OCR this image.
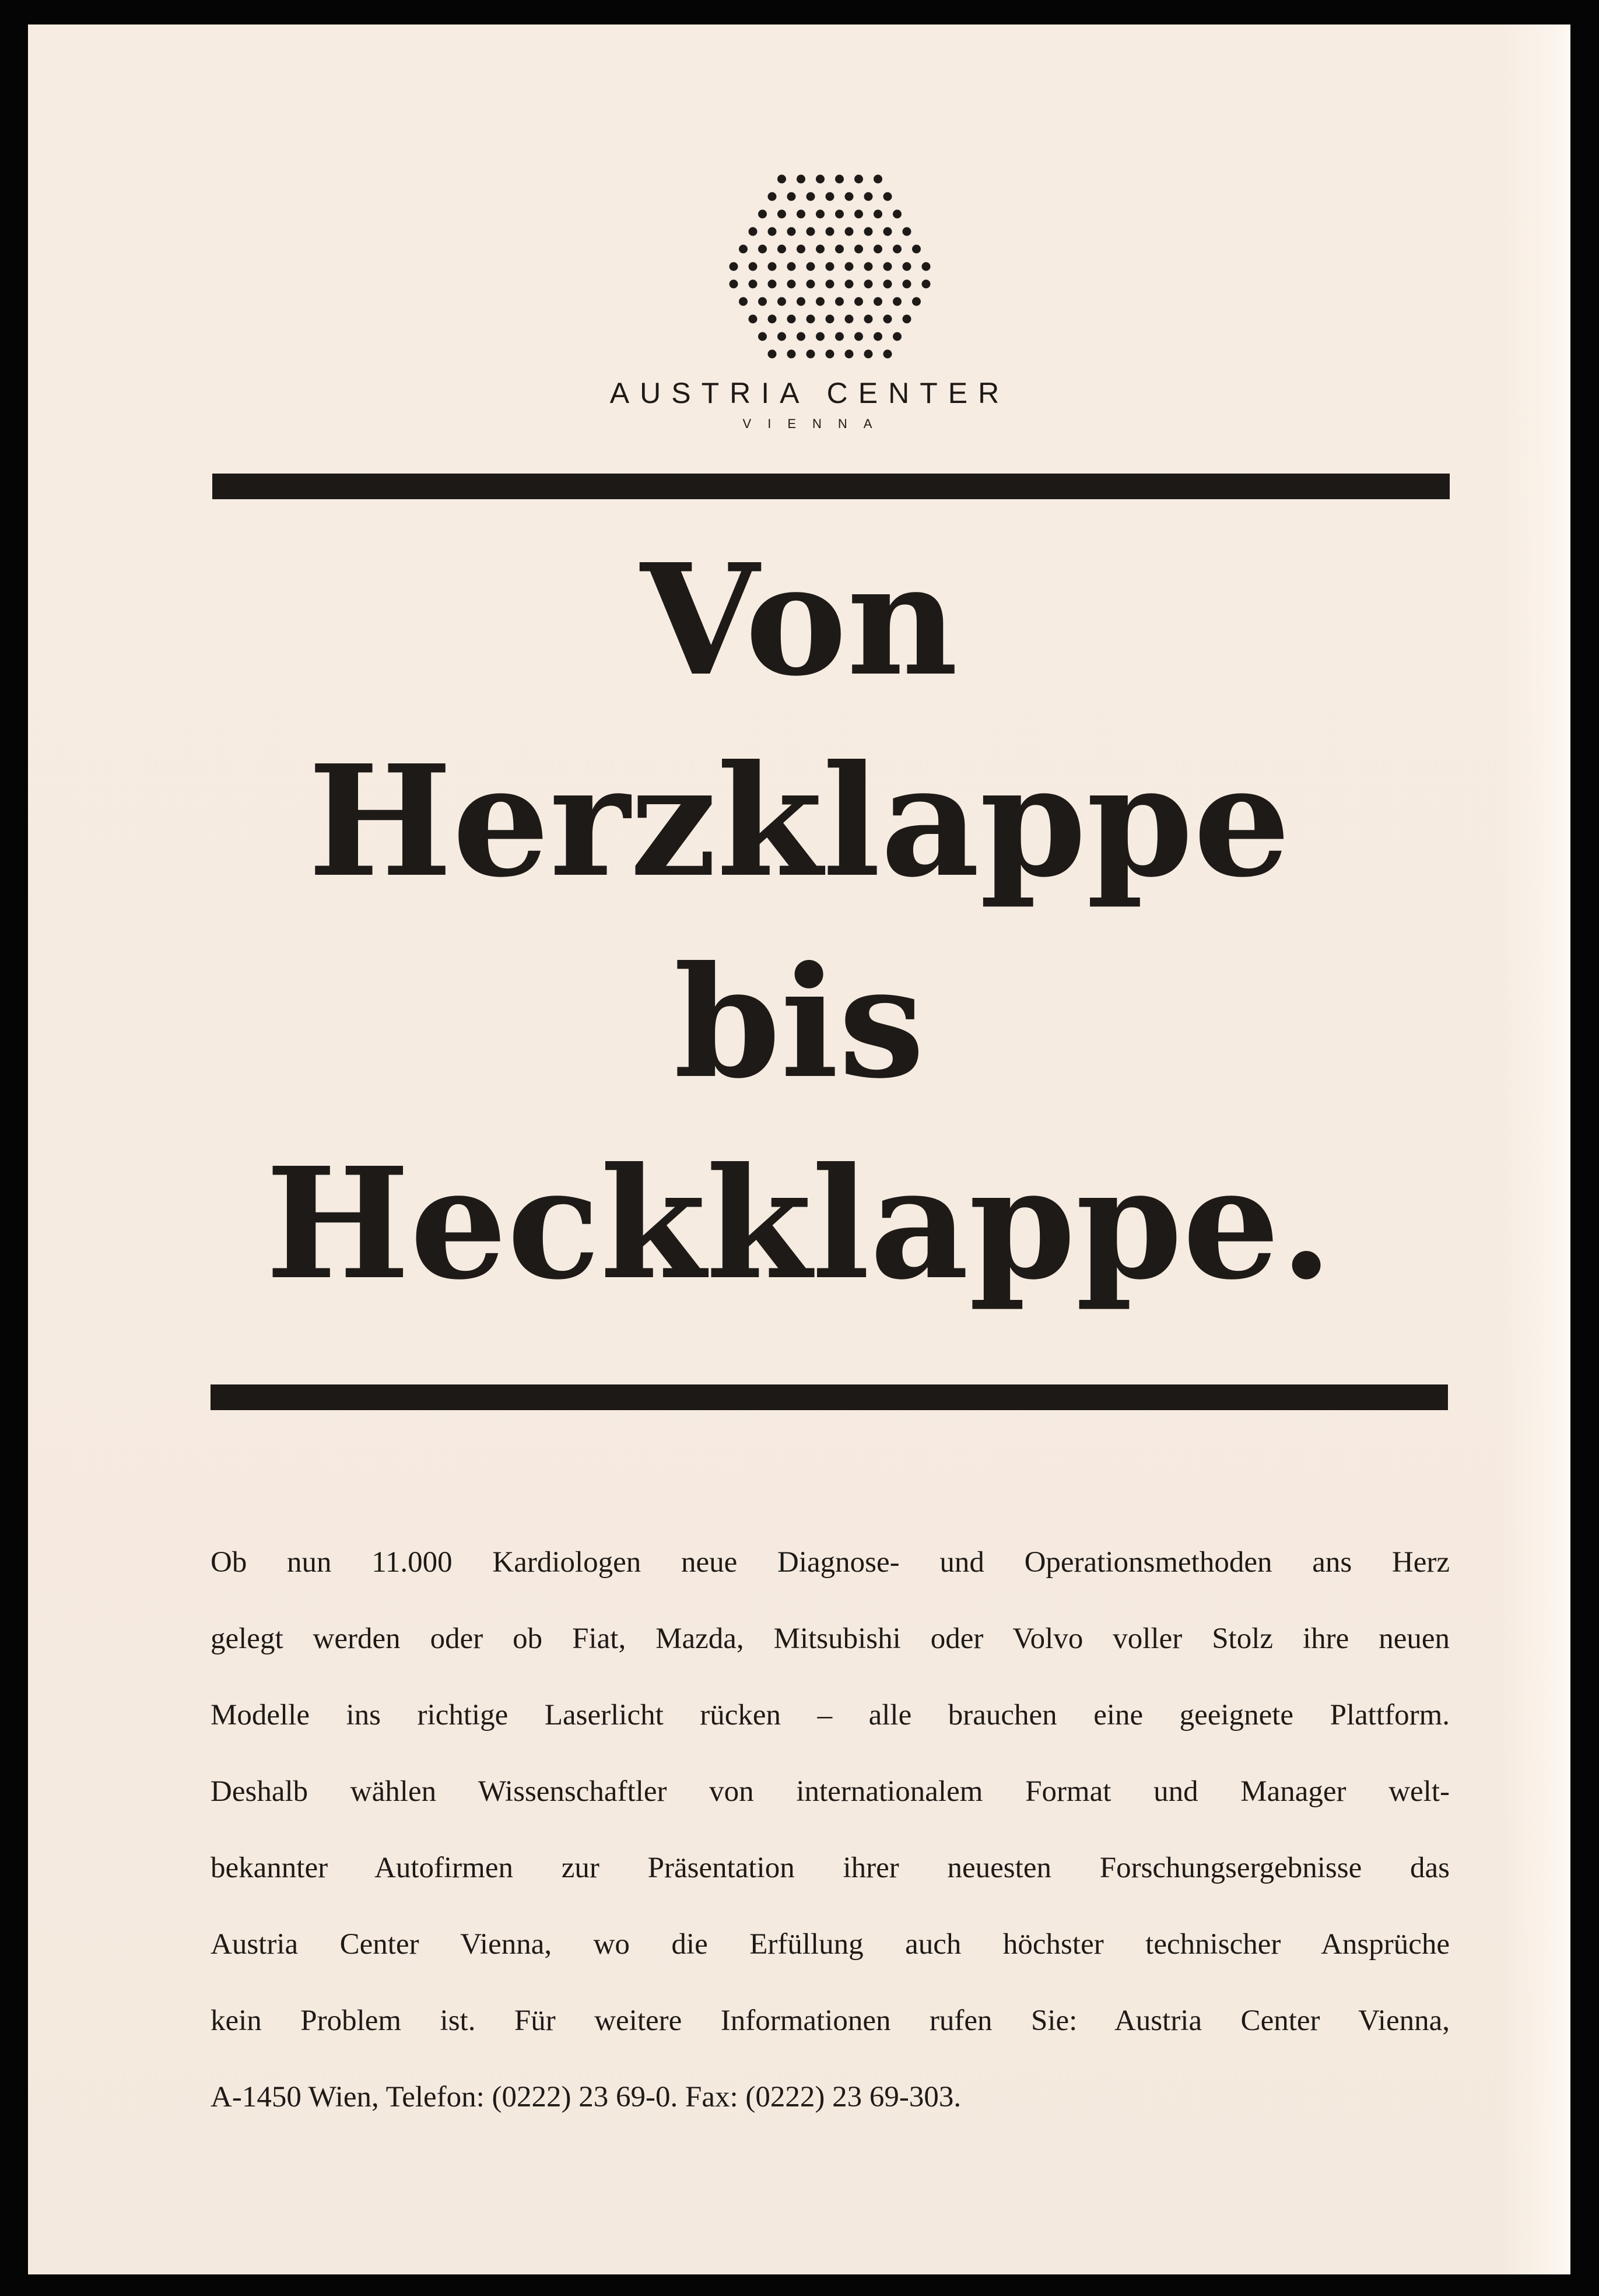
AUSTRIA CENTER
VIENNA
Von
Herzklappe
bis
Heckklappe.
Ob nun 11.000 Kardiologen neue Diagnose- und Operationsmethoden ans Herz
gelegt werden oder ob Fiat, Mazda, Mitsubishi oder Volvo voller Stolz ihre neuen
Modelle ins richtige Laserlicht rücken – alle brauchen eine geeignete Plattform.
Deshalb wählen Wissenschaftler von internationalem Format und Manager welt-
bekannter Autofirmen zur Präsentation ihrer neuesten Forschungsergebnisse das
Austria Center Vienna, wo die Erfüllung auch höchster technischer Ansprüche
kein Problem ist. Für weitere Informationen rufen Sie: Austria Center Vienna,
A-1450 Wien, Telefon: (0222) 23 69-0. Fax: (0222) 23 69-303.
